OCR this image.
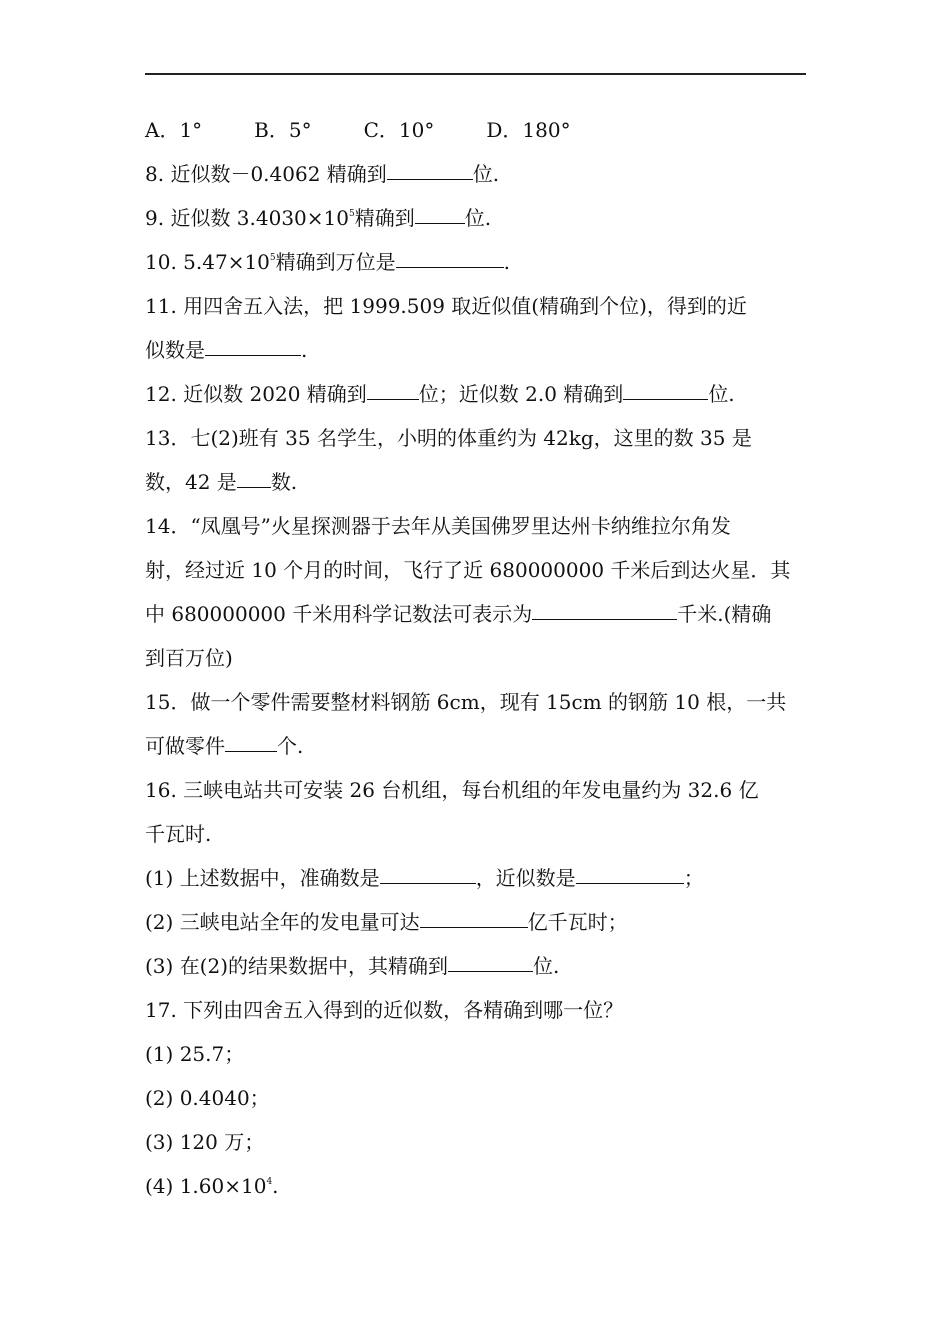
A．1°	B．5°	C．10°	D．180°
8. 近似数－0.4062 精确到	位.
9. 近似数 $3.4030\times 10^5$精确到	位.
10. $5.47\times 10^5$精确到万位是	.
11. 用四舍五入法，把 1999.509 取近似值(精确到个位)，得到的近
似数是	.
12. 近似数 2020 精确到	位；近似数 2.0 精确到	位.
13．七(2)班有 35 名学生，小明的体重约为 42kg，这里的数 35 是
数，42 是 数.
14．“凤凰号”火星探测器于去年从美国佛罗里达州卡纳维拉尔角发
射，经过近 10 个月的时间，飞行了近 680000000 千米后到达火星．其
中 680000000 千米用科学记数法可表示为	千米.(精确
到百万位)
15．做一个零件需要整材料钢筋 6cm，现有 15cm 的钢筋 10 根，一共
可做零件	个.
16. 三峡电站共可安装 26 台机组，每台机组的年发电量约为 32.6 亿
千瓦时.
(1) 上述数据中，准确数是	，近似数是	；
(2) 三峡电站全年的发电量可达	亿千瓦时；
(3) 在(2)的结果数据中，其精确到	位.
17. 下列由四舍五入得到的近似数，各精确到哪一位？
(1) 25.7；
(2) 0.4040；
(3) 120 万；
(4) $1.60\times 10^4$.
